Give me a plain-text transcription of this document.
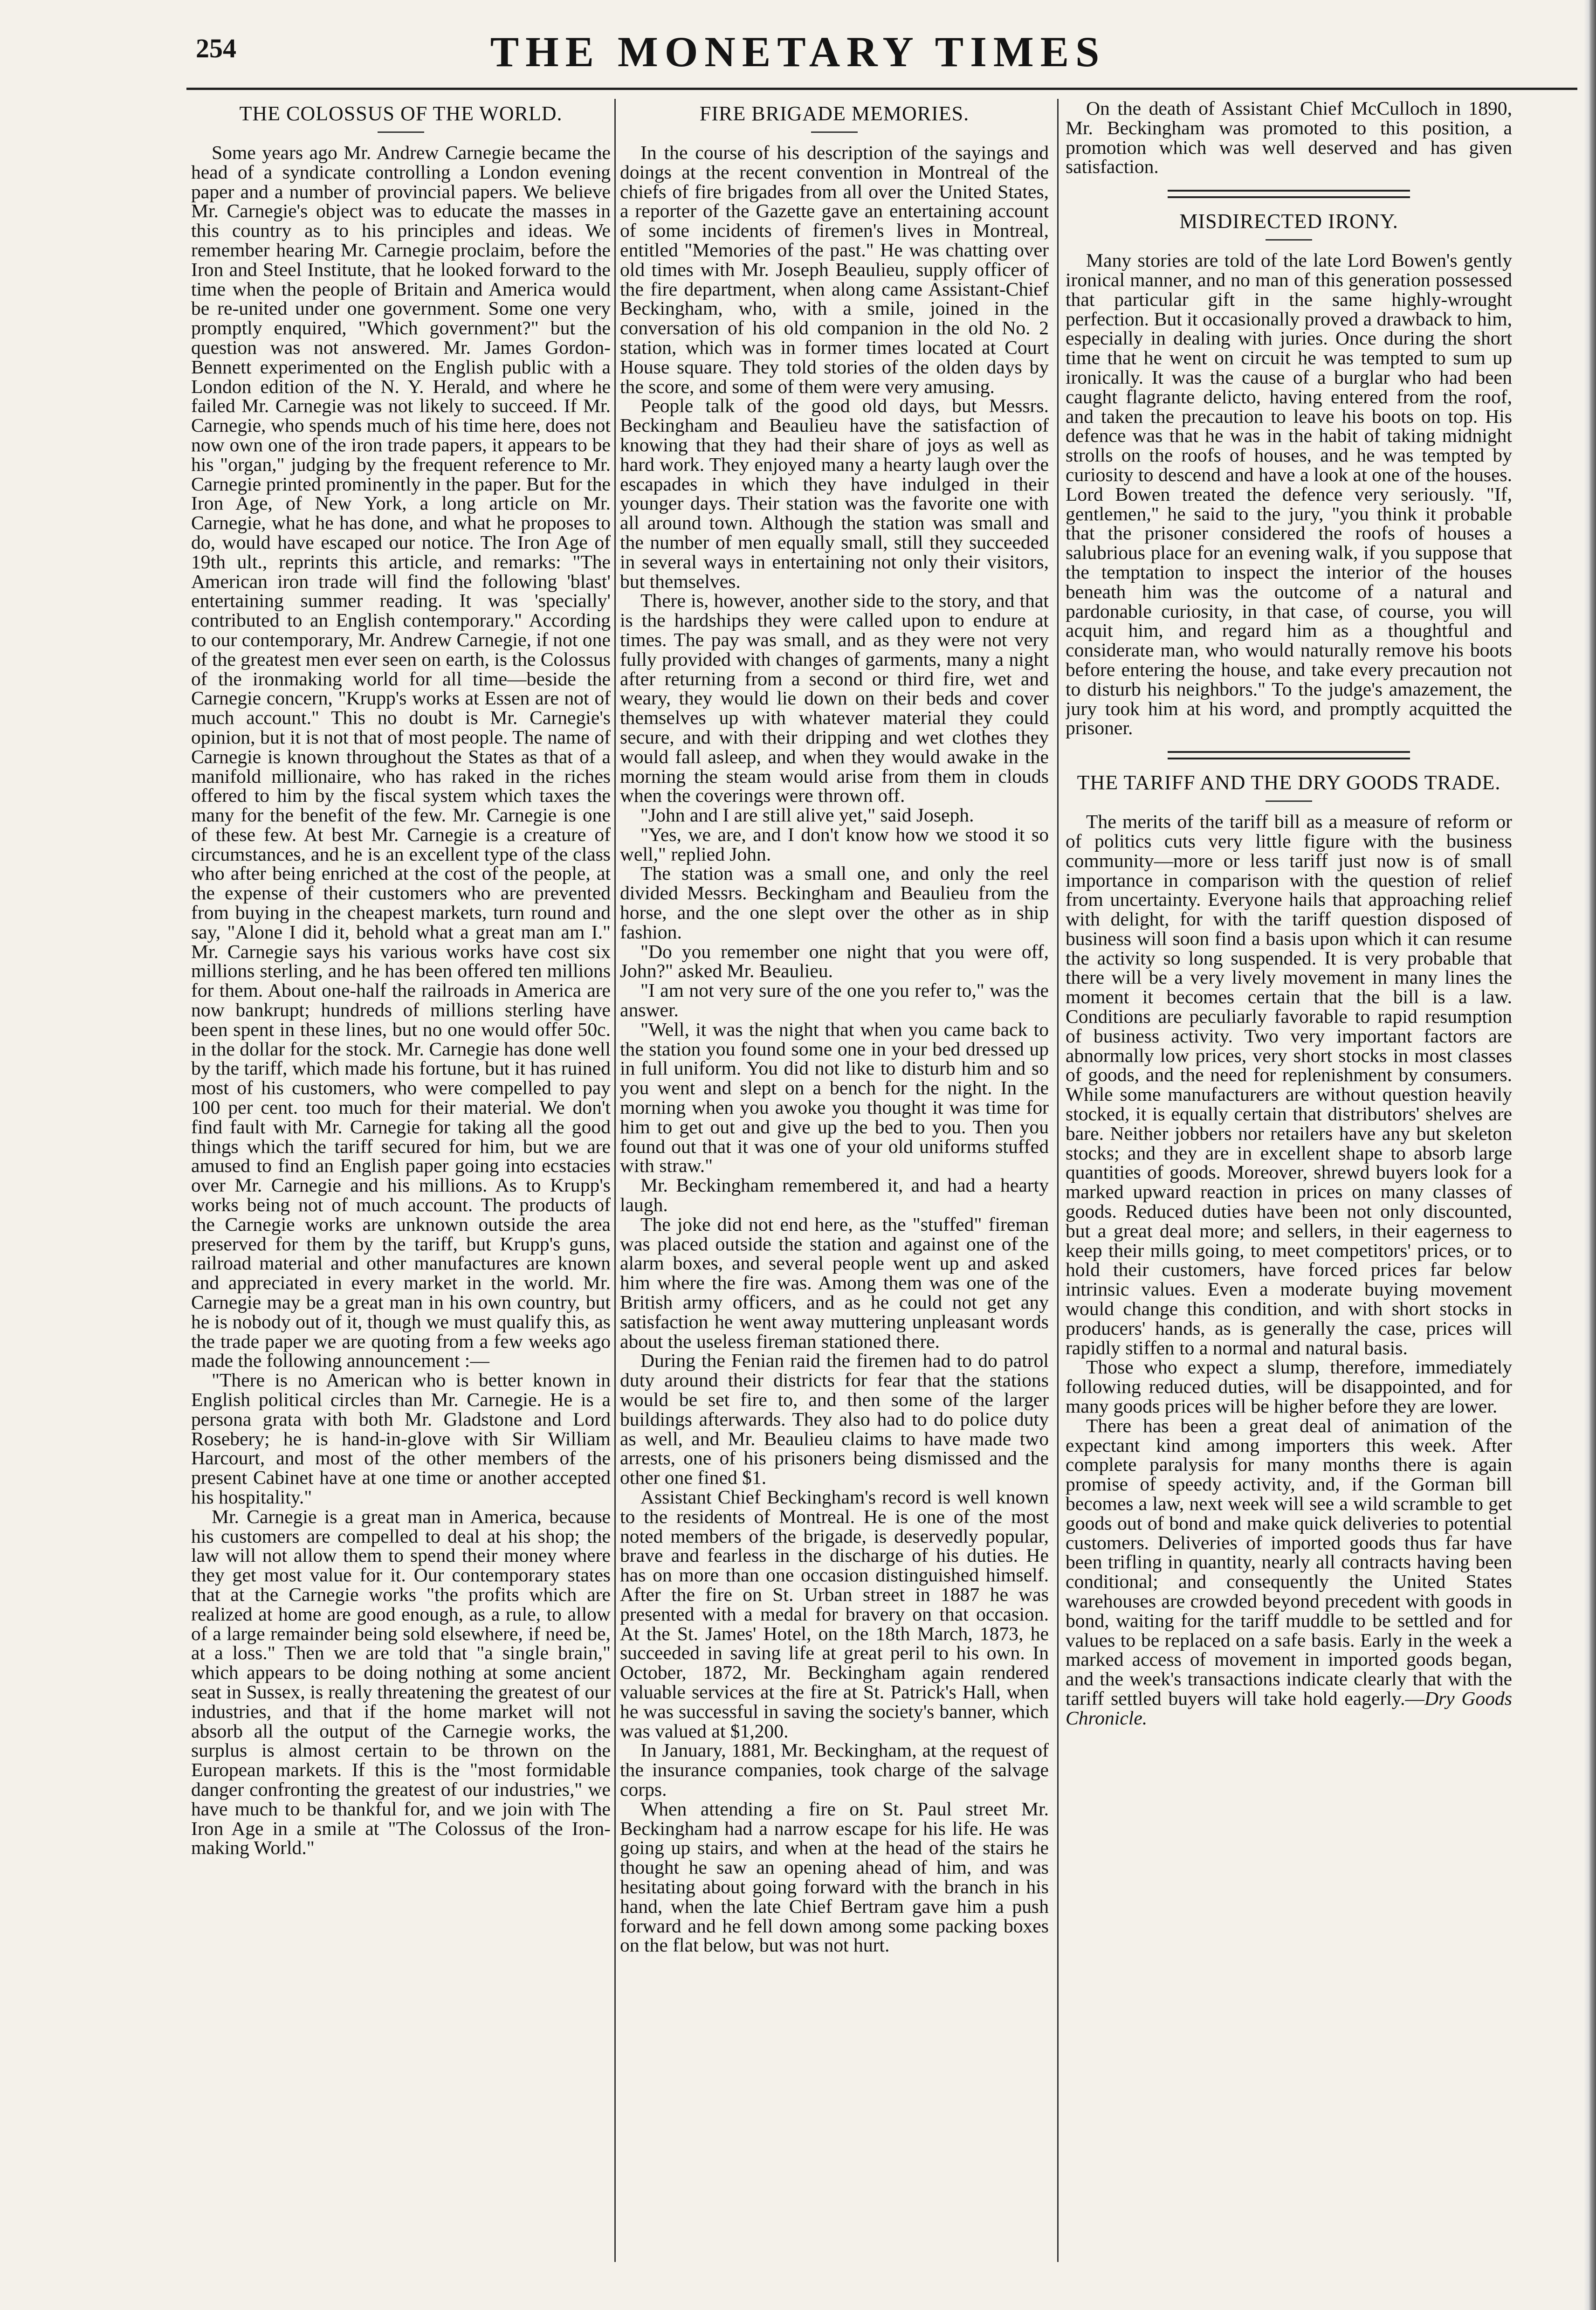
254	THE MONETARY TIMES
THE COLOSSUS OF THE WORLD.

Some years ago Mr. Andrew Carnegie became the head of a syndicate controlling a London evening paper and a number of provincial papers. We believe Mr. Carnegie's object was to educate the masses in this country as to his principles and ideas. We remember hearing Mr. Carnegie proclaim, before the Iron and Steel Institute, that he looked forward to the time when the people of Britain and America would be re-united under one government. Some one very promptly enquired, "Which government?" but the question was not answered. Mr. James Gordon-Bennett experimented on the English public with a London edition of the N. Y. Herald, and where he failed Mr. Carnegie was not likely to succeed. If Mr. Carnegie, who spends much of his time here, does not now own one of the iron trade papers, it appears to be his "organ," judging by the frequent reference to Mr. Carnegie printed prominently in the paper. But for the Iron Age, of New York, a long article on Mr. Carnegie, what he has done, and what he proposes to do, would have escaped our notice. The Iron Age of 19th ult., reprints this article, and remarks: "The American iron trade will find the following 'blast' entertaining summer reading. It was 'specially' contributed to an English contemporary." According to our contemporary, Mr. Andrew Carnegie, if not one of the greatest men ever seen on earth, is the Colossus of the ironmaking world for all time—beside the Carnegie concern, "Krupp's works at Essen are not of much account." This no doubt is Mr. Carnegie's opinion, but it is not that of most people. The name of Carnegie is known throughout the States as that of a manifold millionaire, who has raked in the riches offered to him by the fiscal system which taxes the many for the benefit of the few. Mr. Carnegie is one of these few. At best Mr. Carnegie is a creature of circumstances, and he is an excellent type of the class who after being enriched at the cost of the people, at the expense of their customers who are prevented from buying in the cheapest markets, turn round and say, "Alone I did it, behold what a great man am I." Mr. Carnegie says his various works have cost six millions sterling, and he has been offered ten millions for them. About one-half the railroads in America are now bankrupt; hundreds of millions sterling have been spent in these lines, but no one would offer 50c. in the dollar for the stock. Mr. Carnegie has done well by the tariff, which made his fortune, but it has ruined most of his customers, who were compelled to pay 100 per cent. too much for their material. We don't find fault with Mr. Carnegie for taking all the good things which the tariff secured for him, but we are amused to find an English paper going into ecstacies over Mr. Carnegie and his millions. As to Krupp's works being not of much account. The products of the Carnegie works are unknown outside the area preserved for them by the tariff, but Krupp's guns, railroad material and other manufactures are known and appreciated in every market in the world. Mr. Carnegie may be a great man in his own country, but he is nobody out of it, though we must qualify this, as the trade paper we are quoting from a few weeks ago made the following announcement :—

"There is no American who is better known in English political circles than Mr. Carnegie. He is a persona grata with both Mr. Gladstone and Lord Rosebery; he is hand-in-glove with Sir William Harcourt, and most of the other members of the present Cabinet have at one time or another accepted his hospitality."

Mr. Carnegie is a great man in America, because his customers are compelled to deal at his shop; the law will not allow them to spend their money where they get most value for it. Our contemporary states that at the Carnegie works "the profits which are realized at home are good enough, as a rule, to allow of a large remainder being sold elsewhere, if need be, at a loss." Then we are told that "a single brain," which appears to be doing nothing at some ancient seat in Sussex, is really threatening the greatest of our industries, and that if the home market will not absorb all the output of the Carnegie works, the surplus is almost certain to be thrown on the European markets. If this is the "most formidable danger confronting the greatest of our industries," we have much to be thankful for, and we join with The Iron Age in a smile at "The Colossus of the Iron-making World."

FIRE BRIGADE MEMORIES.

In the course of his description of the sayings and doings at the recent convention in Montreal of the chiefs of fire brigades from all over the United States, a reporter of the Gazette gave an entertaining account of some incidents of firemen's lives in Montreal, entitled "Memories of the past." He was chatting over old times with Mr. Joseph Beaulieu, supply officer of the fire department, when along came Assistant-Chief Beckingham, who, with a smile, joined in the conversation of his old companion in the old No. 2 station, which was in former times located at Court House square. They told stories of the olden days by the score, and some of them were very amusing.

People talk of the good old days, but Messrs. Beckingham and Beaulieu have the satisfaction of knowing that they had their share of joys as well as hard work. They enjoyed many a hearty laugh over the escapades in which they have indulged in their younger days. Their station was the favorite one with all around town. Although the station was small and the number of men equally small, still they succeeded in several ways in entertaining not only their visitors, but themselves.

There is, however, another side to the story, and that is the hardships they were called upon to endure at times. The pay was small, and as they were not very fully provided with changes of garments, many a night after returning from a second or third fire, wet and weary, they would lie down on their beds and cover themselves up with whatever material they could secure, and with their dripping and wet clothes they would fall asleep, and when they would awake in the morning the steam would arise from them in clouds when the coverings were thrown off.

"John and I are still alive yet," said Joseph.

"Yes, we are, and I don't know how we stood it so well," replied John.

The station was a small one, and only the reel divided Messrs. Beckingham and Beaulieu from the horse, and the one slept over the other as in ship fashion.

"Do you remember one night that you were off, John?" asked Mr. Beaulieu.

"I am not very sure of the one you refer to," was the answer.

"Well, it was the night that when you came back to the station you found some one in your bed dressed up in full uniform. You did not like to disturb him and so you went and slept on a bench for the night. In the morning when you awoke you thought it was time for him to get out and give up the bed to you. Then you found out that it was one of your old uniforms stuffed with straw."

Mr. Beckingham remembered it, and had a hearty laugh.

The joke did not end here, as the "stuffed" fireman was placed outside the station and against one of the alarm boxes, and several people went up and asked him where the fire was. Among them was one of the British army officers, and as he could not get any satisfaction he went away muttering unpleasant words about the useless fireman stationed there.

During the Fenian raid the firemen had to do patrol duty around their districts for fear that the stations would be set fire to, and then some of the larger buildings afterwards. They also had to do police duty as well, and Mr. Beaulieu claims to have made two arrests, one of his prisoners being dismissed and the other one fined $1.

Assistant Chief Beckingham's record is well known to the residents of Montreal. He is one of the most noted members of the brigade, is deservedly popular, brave and fearless in the discharge of his duties. He has on more than one occasion distinguished himself. After the fire on St. Urban street in 1887 he was presented with a medal for bravery on that occasion. At the St. James' Hotel, on the 18th March, 1873, he succeeded in saving life at great peril to his own. In October, 1872, Mr. Beckingham again rendered valuable services at the fire at St. Patrick's Hall, when he was successful in saving the society's banner, which was valued at $1,200.

In January, 1881, Mr. Beckingham, at the request of the insurance companies, took charge of the salvage corps.

When attending a fire on St. Paul street Mr. Beckingham had a narrow escape for his life. He was going up stairs, and when at the head of the stairs he thought he saw an opening ahead of him, and was hesitating about going forward with the branch in his hand, when the late Chief Bertram gave him a push forward and he fell down among some packing boxes on the flat below, but was not hurt.

On the death of Assistant Chief McCulloch in 1890, Mr. Beckingham was promoted to this position, a promotion which was well deserved and has given satisfaction.

MISDIRECTED IRONY.

Many stories are told of the late Lord Bowen's gently ironical manner, and no man of this generation possessed that particular gift in the same highly-wrought perfection. But it occasionally proved a drawback to him, especially in dealing with juries. Once during the short time that he went on circuit he was tempted to sum up ironically. It was the cause of a burglar who had been caught flagrante delicto, having entered from the roof, and taken the precaution to leave his boots on top. His defence was that he was in the habit of taking midnight strolls on the roofs of houses, and he was tempted by curiosity to descend and have a look at one of the houses. Lord Bowen treated the defence very seriously. "If, gentlemen," he said to the jury, "you think it probable that the prisoner considered the roofs of houses a salubrious place for an evening walk, if you suppose that the temptation to inspect the interior of the houses beneath him was the outcome of a natural and pardonable curiosity, in that case, of course, you will acquit him, and regard him as a thoughtful and considerate man, who would naturally remove his boots before entering the house, and take every precaution not to disturb his neighbors." To the judge's amazement, the jury took him at his word, and promptly acquitted the prisoner.

THE TARIFF AND THE DRY GOODS TRADE.

The merits of the tariff bill as a measure of reform or of politics cuts very little figure with the business community—more or less tariff just now is of small importance in comparison with the question of relief from uncertainty. Everyone hails that approaching relief with delight, for with the tariff question disposed of business will soon find a basis upon which it can resume the activity so long suspended. It is very probable that there will be a very lively movement in many lines the moment it becomes certain that the bill is a law. Conditions are peculiarly favorable to rapid resumption of business activity. Two very important factors are abnormally low prices, very short stocks in most classes of goods, and the need for replenishment by consumers. While some manufacturers are without question heavily stocked, it is equally certain that distributors' shelves are bare. Neither jobbers nor retailers have any but skeleton stocks; and they are in excellent shape to absorb large quantities of goods. Moreover, shrewd buyers look for a marked upward reaction in prices on many classes of goods. Reduced duties have been not only discounted, but a great deal more; and sellers, in their eagerness to keep their mills going, to meet competitors' prices, or to hold their customers, have forced prices far below intrinsic values. Even a moderate buying movement would change this condition, and with short stocks in producers' hands, as is generally the case, prices will rapidly stiffen to a normal and natural basis.

Those who expect a slump, therefore, immediately following reduced duties, will be disappointed, and for many goods prices will be higher before they are lower.

There has been a great deal of animation of the expectant kind among importers this week. After complete paralysis for many months there is again promise of speedy activity, and, if the Gorman bill becomes a law, next week will see a wild scramble to get goods out of bond and make quick deliveries to potential customers. Deliveries of imported goods thus far have been trifling in quantity, nearly all contracts having been conditional; and consequently the United States warehouses are crowded beyond precedent with goods in bond, waiting for the tariff muddle to be settled and for values to be replaced on a safe basis. Early in the week a marked access of movement in imported goods began, and the week's transactions indicate clearly that with the tariff settled buyers will take hold eagerly.—Dry Goods Chronicle.
